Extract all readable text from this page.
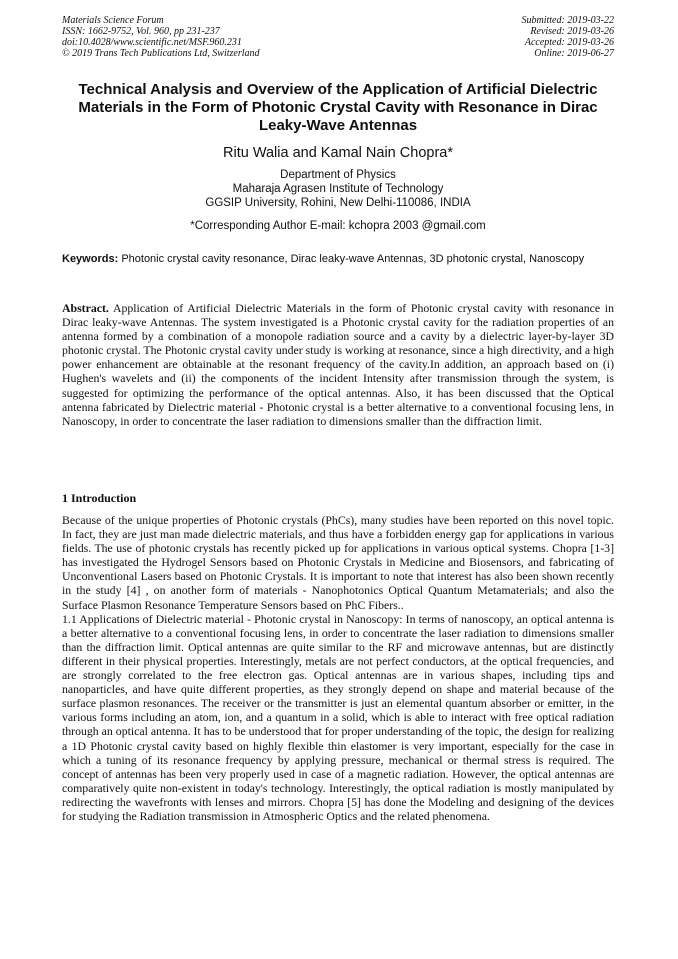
Materials Science Forum
ISSN: 1662-9752, Vol. 960, pp 231-237
doi:10.4028/www.scientific.net/MSF.960.231
© 2019 Trans Tech Publications Ltd, Switzerland
Submitted: 2019-03-22
Revised: 2019-03-26
Accepted: 2019-03-26
Online: 2019-06-27
Technical Analysis and Overview of the Application of Artificial Dielectric Materials in the Form of Photonic Crystal Cavity with Resonance in Dirac Leaky-Wave Antennas
Ritu Walia and Kamal Nain Chopra*
Department of Physics
Maharaja Agrasen Institute of Technology
GGSIP University, Rohini, New Delhi-110086, INDIA
*Corresponding Author E-mail: kchopra 2003 @gmail.com
Keywords: Photonic crystal cavity resonance, Dirac leaky-wave Antennas, 3D photonic crystal, Nanoscopy
Abstract. Application of Artificial Dielectric Materials in the form of Photonic crystal cavity with resonance in Dirac leaky-wave Antennas. The system investigated is a Photonic crystal cavity for the radiation properties of an antenna formed by a combination of a monopole radiation source and a cavity by a dielectric layer-by-layer 3D photonic crystal. The Photonic crystal cavity under study is working at resonance, since a high directivity, and a high power enhancement are obtainable at the resonant frequency of the cavity.In addition, an approach based on (i) Hughen's wavelets and (ii) the components of the incident Intensity after transmission through the system, is suggested for optimizing the performance of the optical antennas. Also, it has been discussed that the Optical antenna fabricated by Dielectric material - Photonic crystal is a better alternative to a conventional focusing lens, in Nanoscopy, in order to concentrate the laser radiation to dimensions smaller than the diffraction limit.
1 Introduction

Because of the unique properties of Photonic crystals (PhCs), many studies have been reported on this novel topic. In fact, they are just man made dielectric materials, and thus have a forbidden energy gap for applications in various fields. The use of photonic crystals has recently picked up for applications in various optical systems. Chopra [1-3] has investigated the Hydrogel Sensors based on Photonic Crystals in Medicine and Biosensors, and fabricating of Unconventional Lasers based on Photonic Crystals. It is important to note that interest has also been shown recently in the study [4] , on another form of materials - Nanophotonics Optical Quantum Metamaterials; and also the Surface Plasmon Resonance Temperature Sensors based on PhC Fibers..

1.1 Applications of Dielectric material - Photonic crystal in Nanoscopy: In terms of nanoscopy, an optical antenna is a better alternative to a conventional focusing lens, in order to concentrate the laser radiation to dimensions smaller than the diffraction limit. Optical antennas are quite similar to the RF and microwave antennas, but are distinctly different in their physical properties. Interestingly, metals are not perfect conductors, at the optical frequencies, and are strongly correlated to the free electron gas. Optical antennas are in various shapes, including tips and nanoparticles, and have quite different properties, as they strongly depend on shape and material because of the surface plasmon resonances. The receiver or the transmitter is just an elemental quantum absorber or emitter, in the various forms including an atom, ion, and a quantum in a solid, which is able to interact with free optical radiation through an optical antenna. It has to be understood that for proper understanding of the topic, the design for realizing a 1D Photonic crystal cavity based on highly flexible thin elastomer is very important, especially for the case in which a tuning of its resonance frequency by applying pressure, mechanical or thermal stress is required. The concept of antennas has been very properly used in case of a magnetic radiation. However, the optical antennas are comparatively quite non-existent in today's technology. Interestingly, the optical radiation is mostly manipulated by redirecting the wavefronts with lenses and mirrors. Chopra [5] has done the Modeling and designing of the devices for studying the Radiation transmission in Atmospheric Optics and the related phenomena.
